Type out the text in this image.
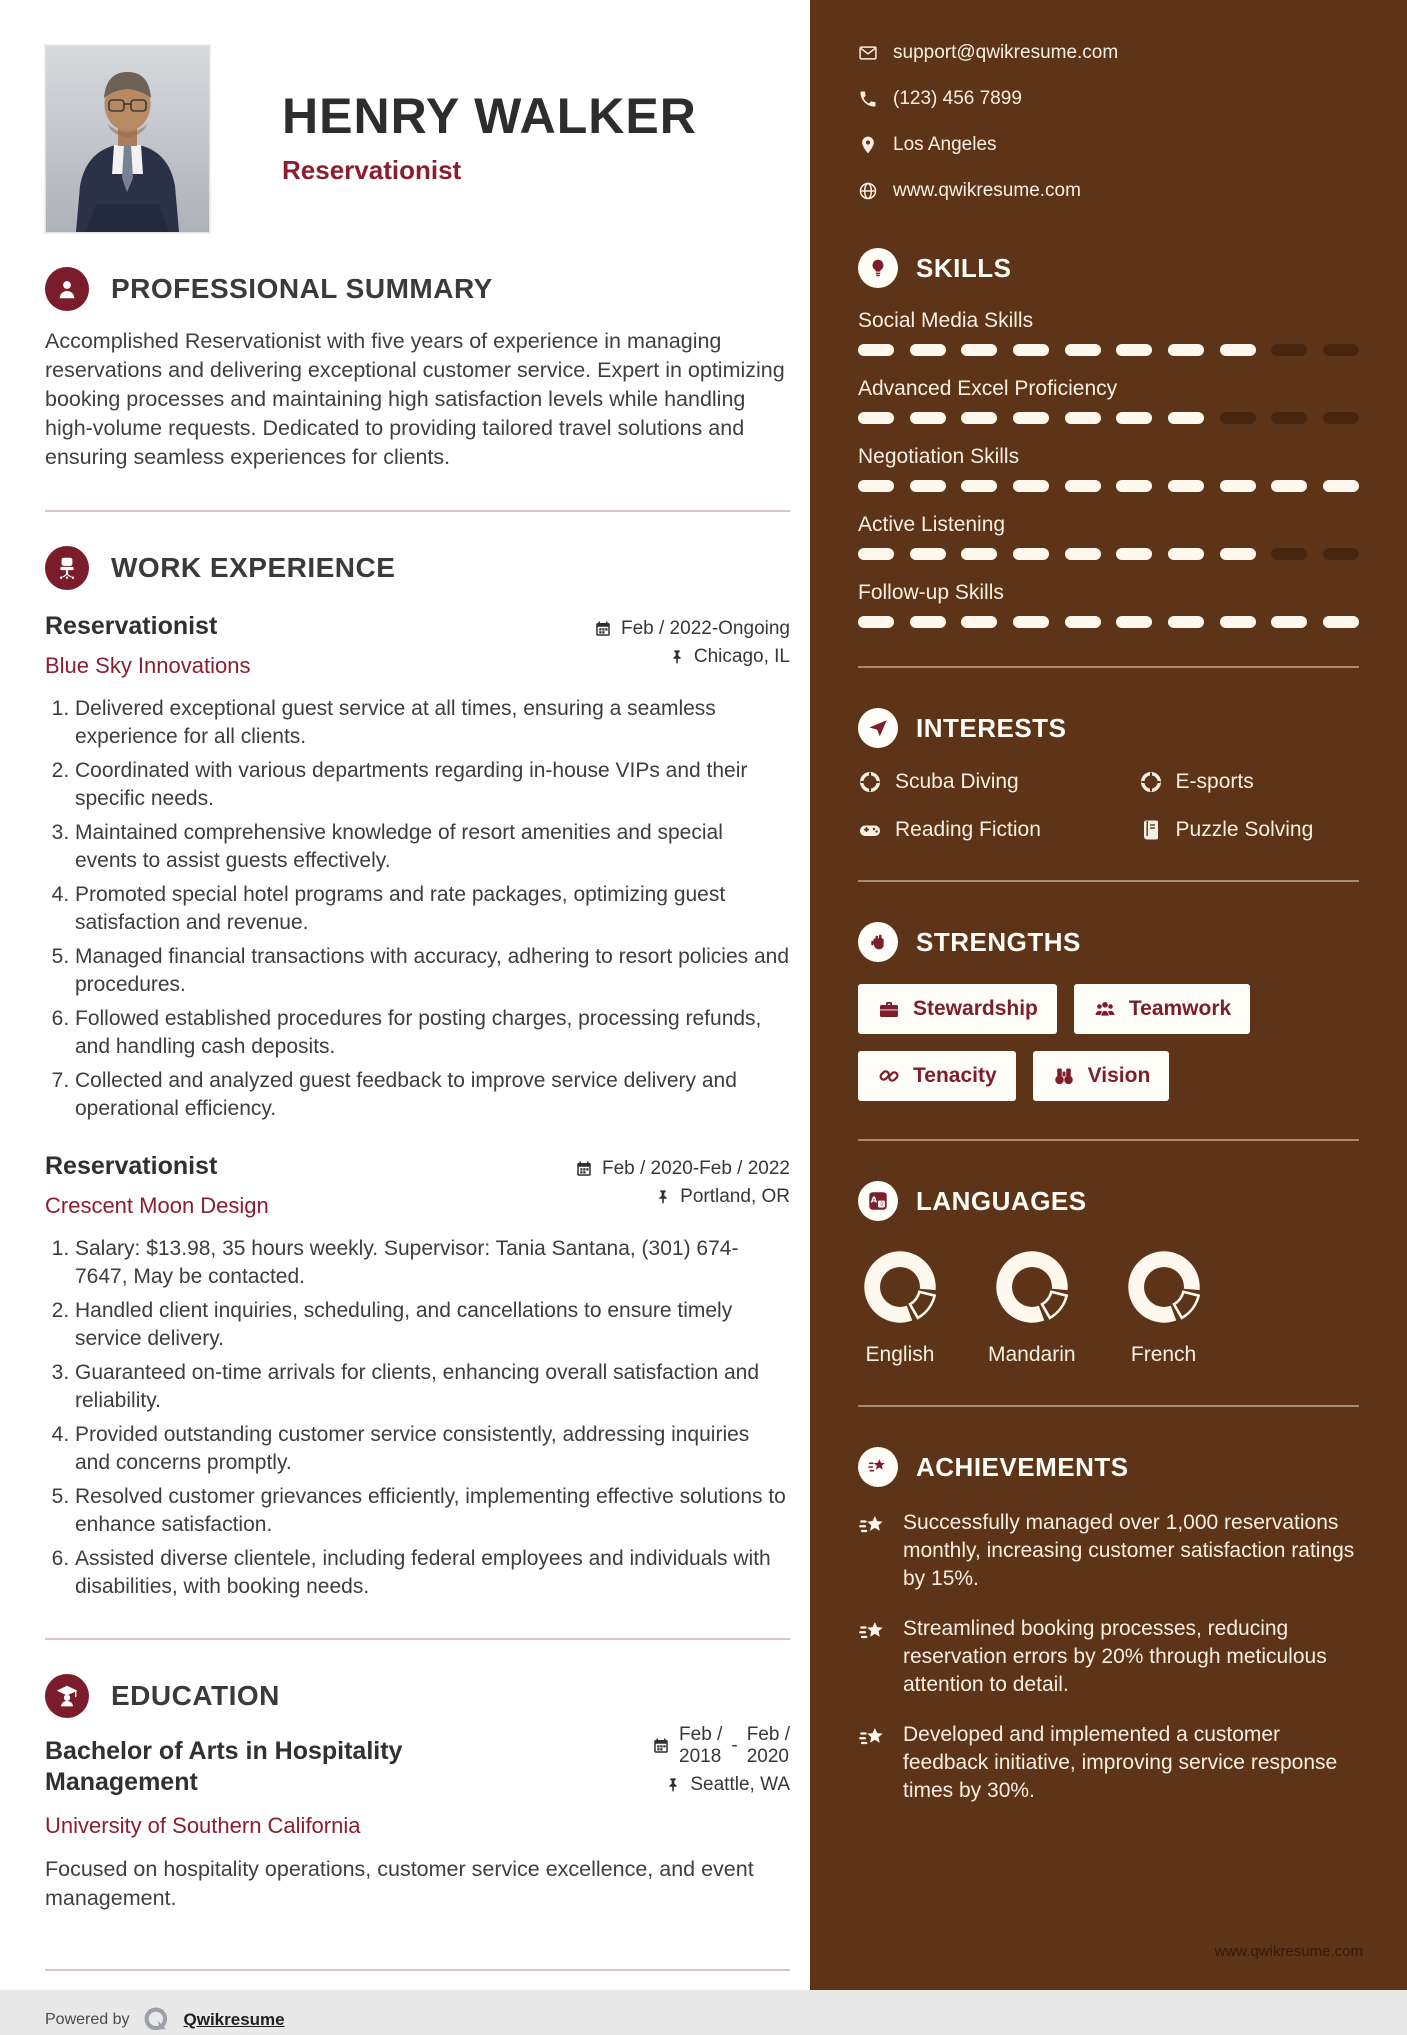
HENRY WALKER
Reservationist
PROFESSIONAL SUMMARY

Accomplished Reservationist with five years of experience in managing reservations and delivering exceptional customer service. Expert in optimizing booking processes and maintaining high satisfaction levels while handling high-volume requests. Dedicated to providing tailored travel solutions and ensuring seamless experiences for clients.

WORK EXPERIENCE
Reservationist
Blue Sky Innovations
Feb / 2022-Ongoing
Chicago, IL
1. Delivered exceptional guest service at all times, ensuring a seamless experience for all clients.
2. Coordinated with various departments regarding in-house VIPs and their specific needs.
3. Maintained comprehensive knowledge of resort amenities and special events to assist guests effectively.
4. Promoted special hotel programs and rate packages, optimizing guest satisfaction and revenue.
5. Managed financial transactions with accuracy, adhering to resort policies and procedures.
6. Followed established procedures for posting charges, processing refunds, and handling cash deposits.
7. Collected and analyzed guest feedback to improve service delivery and operational efficiency.
Reservationist
Crescent Moon Design
Feb / 2020-Feb / 2022
Portland, OR
1. Salary: $13.98, 35 hours weekly. Supervisor: Tania Santana, (301) 674-7647, May be contacted.
2. Handled client inquiries, scheduling, and cancellations to ensure timely service delivery.
3. Guaranteed on-time arrivals for clients, enhancing overall satisfaction and reliability.
4. Provided outstanding customer service consistently, addressing inquiries and concerns promptly.
5. Resolved customer grievances efficiently, implementing effective solutions to enhance satisfaction.
6. Assisted diverse clientele, including federal employees and individuals with disabilities, with booking needs.
EDUCATION
Bachelor of Arts in Hospitality Management
Feb /
2018
-
Feb /
2020
Seattle, WA
University of Southern California

Focused on hospitality operations, customer service excellence, and event management.

Powered by	Qwikresume
support@qwikresume.com
(123) 456 7899
Los Angeles
www.qwikresume.com
SKILLS
Social Media Skills
Advanced Excel Proficiency
Negotiation Skills
Active Listening
Follow-up Skills
INTERESTS
Scuba Diving	E-sports
Reading Fiction	Puzzle Solving
STRENGTHS
Stewardship	Teamwork
Tenacity	Vision
A
文 LANGUAGES
English	Mandarin	French
ACHIEVEMENTS
Successfully managed over 1,000 reservations monthly, increasing customer satisfaction ratings by 15%.
Streamlined booking processes, reducing reservation errors by 20% through meticulous attention to detail.
Developed and implemented a customer feedback initiative, improving service response times by 30%.
www.qwikresume.com
